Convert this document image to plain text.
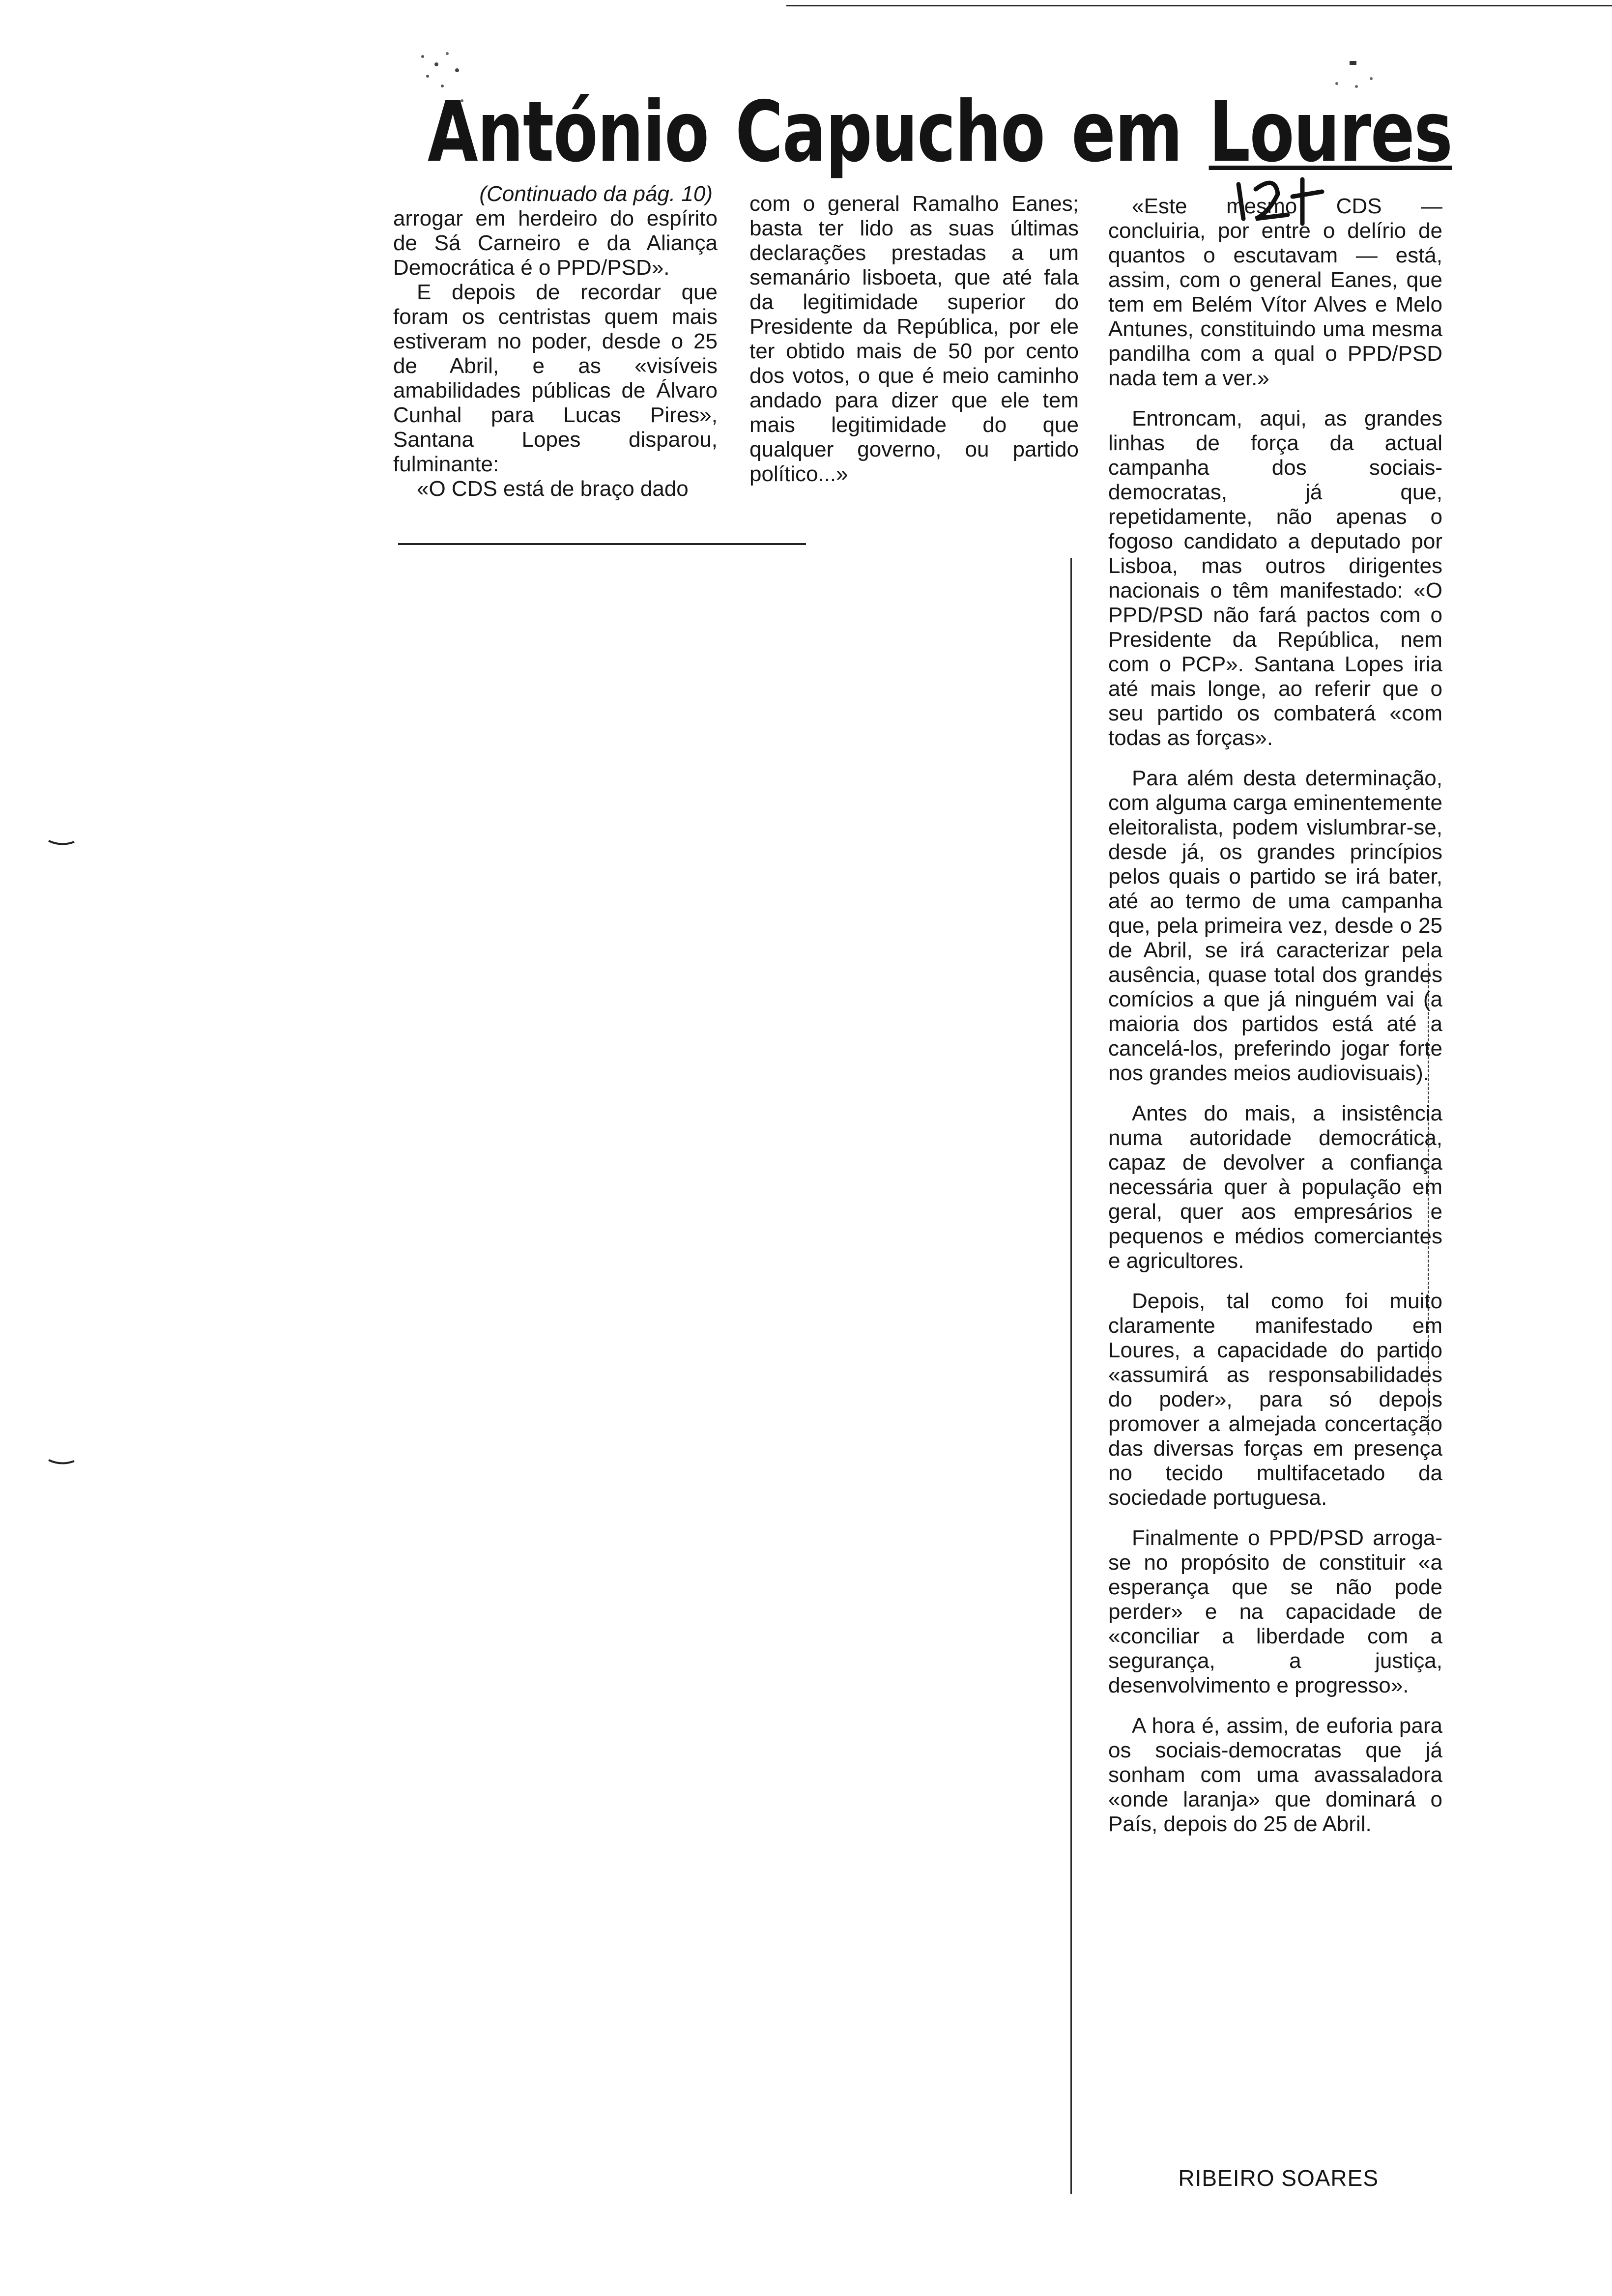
António Capucho em Loures

(Continuado da pág. 10)

arrogar em herdeiro do espírito de Sá Carneiro e da Aliança Democrática é o PPD/PSD».

E depois de recordar que foram os centristas quem mais estiveram no poder, desde o 25 de Abril, e as «visíveis amabilidades públicas de Álvaro Cunhal para Lucas Pires», Santana Lopes disparou, fulminante:

«O CDS está de braço dado

com o general Ramalho Eanes; basta ter lido as suas últimas declarações prestadas a um semanário lisboeta, que até fala da legitimidade superior do Presidente da República, por ele ter obtido mais de 50 por cento dos votos, o que é meio caminho andado para dizer que ele tem mais legitimidade do que qualquer governo, ou partido político...»

«Este mesmo CDS — concluiria, por entre o delírio de quantos o escutavam — está, assim, com o general Eanes, que tem em Belém Vítor Alves e Melo Antunes, constituindo uma mesma pandilha com a qual o PPD/PSD nada tem a ver.»

Entroncam, aqui, as grandes linhas de força da actual campanha dos sociais-democratas, já que, repetidamente, não apenas o fogoso candidato a deputado por Lisboa, mas outros dirigentes nacionais o têm manifestado: «O PPD/PSD não fará pactos com o Presidente da República, nem com o PCP». Santana Lopes iria até mais longe, ao referir que o seu partido os combaterá «com todas as forças».

Para além desta determinação, com alguma carga eminentemente eleitoralista, podem vislumbrar-se, desde já, os grandes princípios pelos quais o partido se irá bater, até ao termo de uma campanha que, pela primeira vez, desde o 25 de Abril, se irá caracterizar pela ausência, quase total dos grandes comícios a que já ninguém vai (a maioria dos partidos está até a cancelá-los, preferindo jogar forte nos grandes meios audiovisuais).

Antes do mais, a insistência numa autoridade democrática, capaz de devolver a confiança necessária quer à população em geral, quer aos empresários e pequenos e médios comerciantes e agricultores.

Depois, tal como foi muito claramente manifestado em Loures, a capacidade do partido «assumirá as responsabilidades do poder», para só depois promover a almejada concertação das diversas forças em presença no tecido multifacetado da sociedade portuguesa.

Finalmente o PPD/PSD arroga-se no propósito de constituir «a esperança que se não pode perder» e na capacidade de «conciliar a liberdade com a segurança, a justiça, desenvolvimento e progresso».

A hora é, assim, de euforia para os sociais-democratas que já sonham com uma avassaladora «onde laranja» que dominará o País, depois do 25 de Abril.

RIBEIRO SOARES
